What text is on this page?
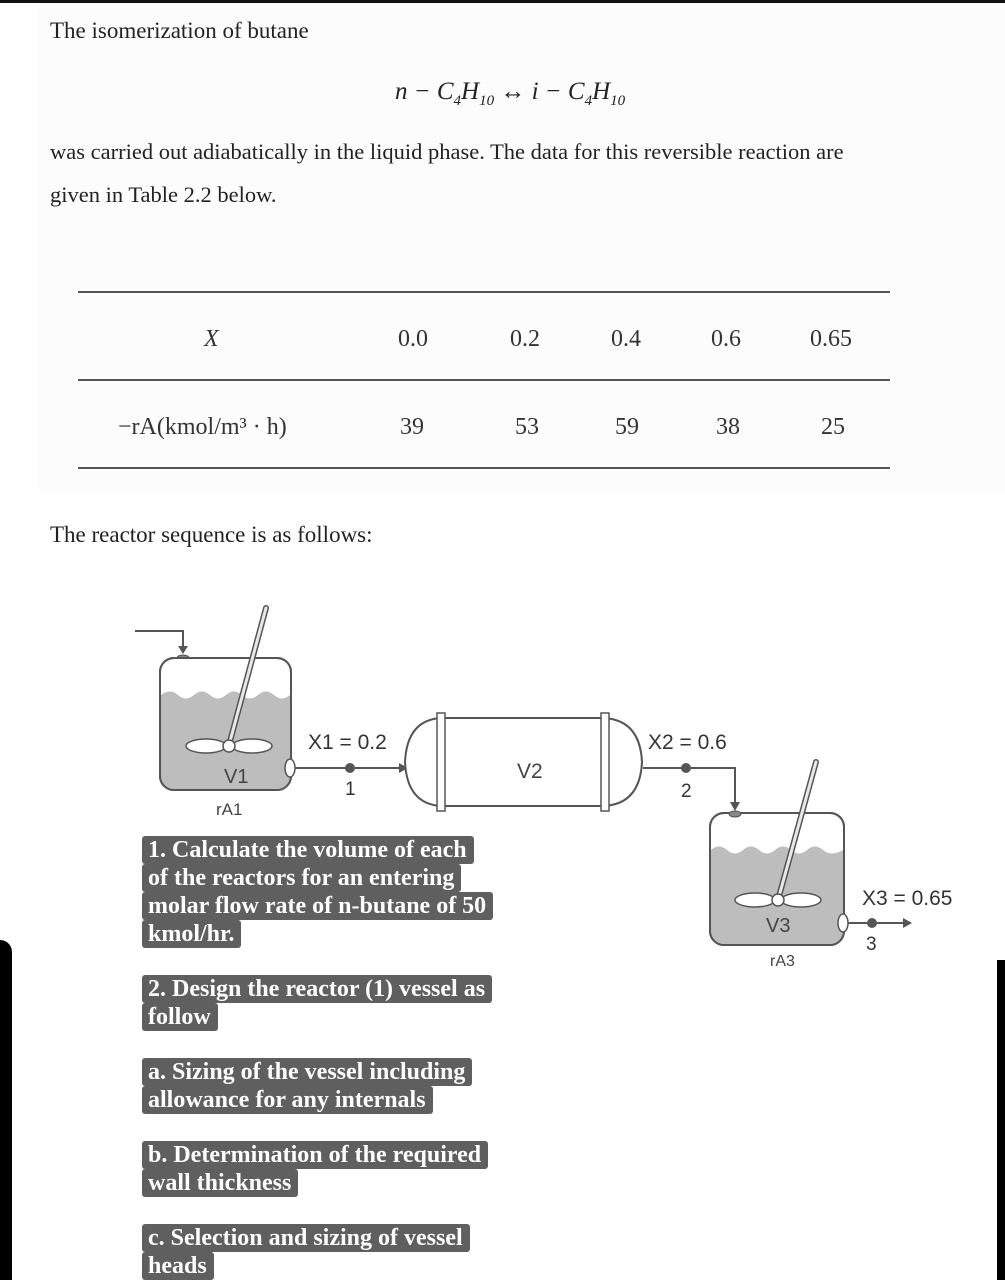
The isomerization of butane
$n - C_4H_{10}$ ↔ $i - C_4H_{10}$
was carried out adiabatically in the liquid phase. The data for this reversible reaction are
given in Table 2.2 below.
X	0.0	0.2	0.4	0.6	0.65
−rA(kmol/m³ · h)	39	53	59	38	25
The reactor sequence is as follows:
V1
rA1
X1 = 0.2
1
V2
X2 = 0.6
2
V3
rA3
X3 = 0.65
3
1. Calculate the volume of each
of the reactors for an entering
molar flow rate of n-butane of 50
kmol/hr.
2. Design the reactor (1) vessel as
follow
a. Sizing of the vessel including
allowance for any internals
b. Determination of the required
wall thickness
c. Selection and sizing of vessel
heads
